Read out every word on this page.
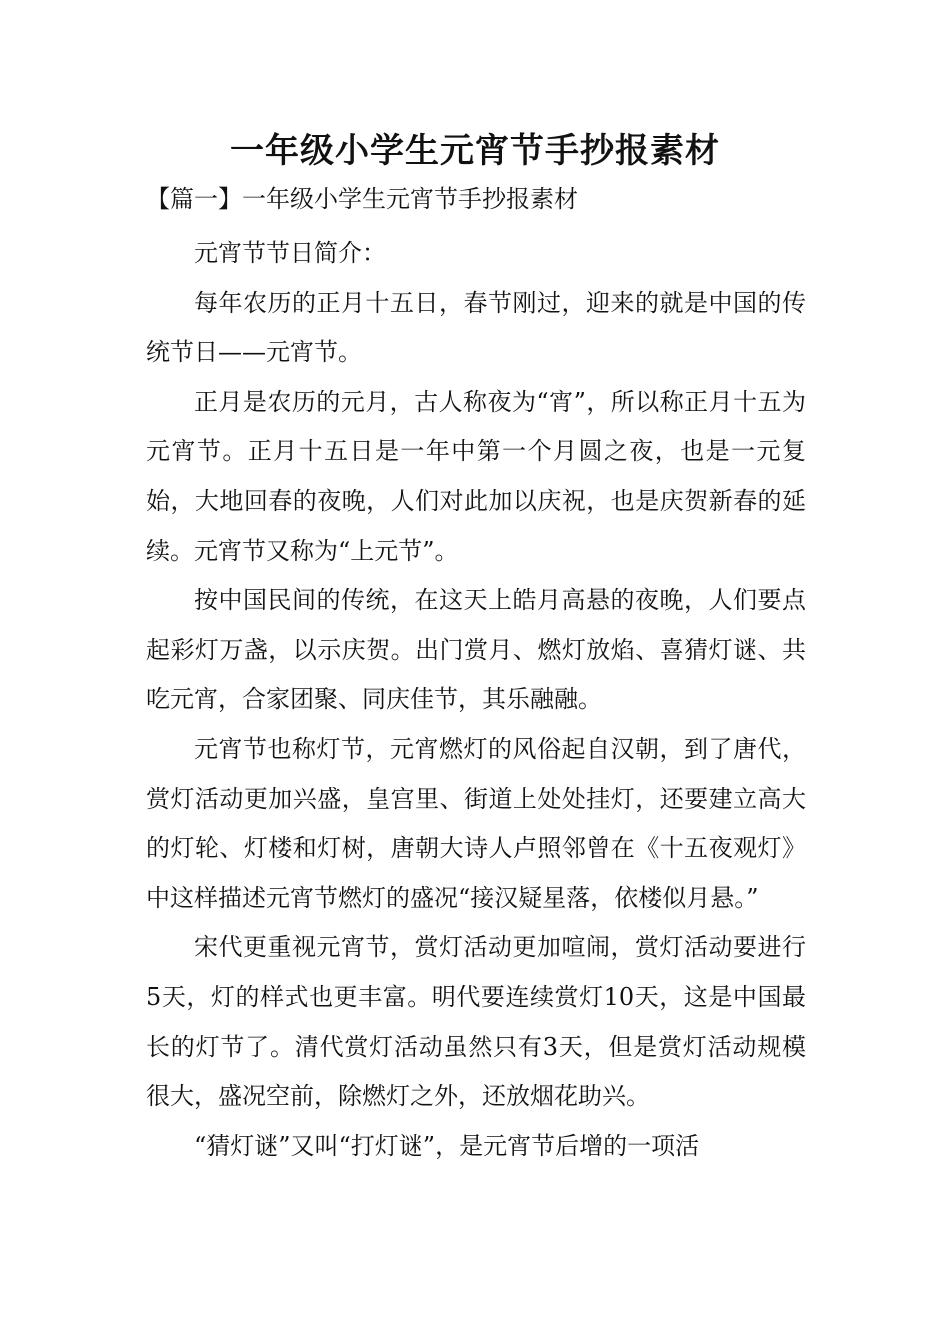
一年级小学生元宵节手抄报素材
【篇一】一年级小学生元宵节手抄报素材

元宵节节日简介：

每年农历的正月十五日，春节刚过，迎来的就是中国的传统节日——元宵节。

正月是农历的元月，古人称夜为“宵”，所以称正月十五为元宵节。正月十五日是一年中第一个月圆之夜，也是一元复始，大地回春的夜晚，人们对此加以庆祝，也是庆贺新春的延续。元宵节又称为“上元节”。

按中国民间的传统，在这天上皓月高悬的夜晚，人们要点起彩灯万盏，以示庆贺。出门赏月、燃灯放焰、喜猜灯谜、共吃元宵，合家团聚、同庆佳节，其乐融融。

元宵节也称灯节，元宵燃灯的风俗起自汉朝，到了唐代，赏灯活动更加兴盛，皇宫里、街道上处处挂灯，还要建立高大的灯轮、灯楼和灯树，唐朝大诗人卢照邻曾在《十五夜观灯》中这样描述元宵节燃灯的盛况“接汉疑星落，依楼似月悬。”

宋代更重视元宵节，赏灯活动更加喧闹，赏灯活动要进行5天，灯的样式也更丰富。明代要连续赏灯10天，这是中国最长的灯节了。清代赏灯活动虽然只有3天，但是赏灯活动规模很大，盛况空前，除燃灯之外，还放烟花助兴。

“猜灯谜”又叫“打灯谜”，是元宵节后增的一项活
